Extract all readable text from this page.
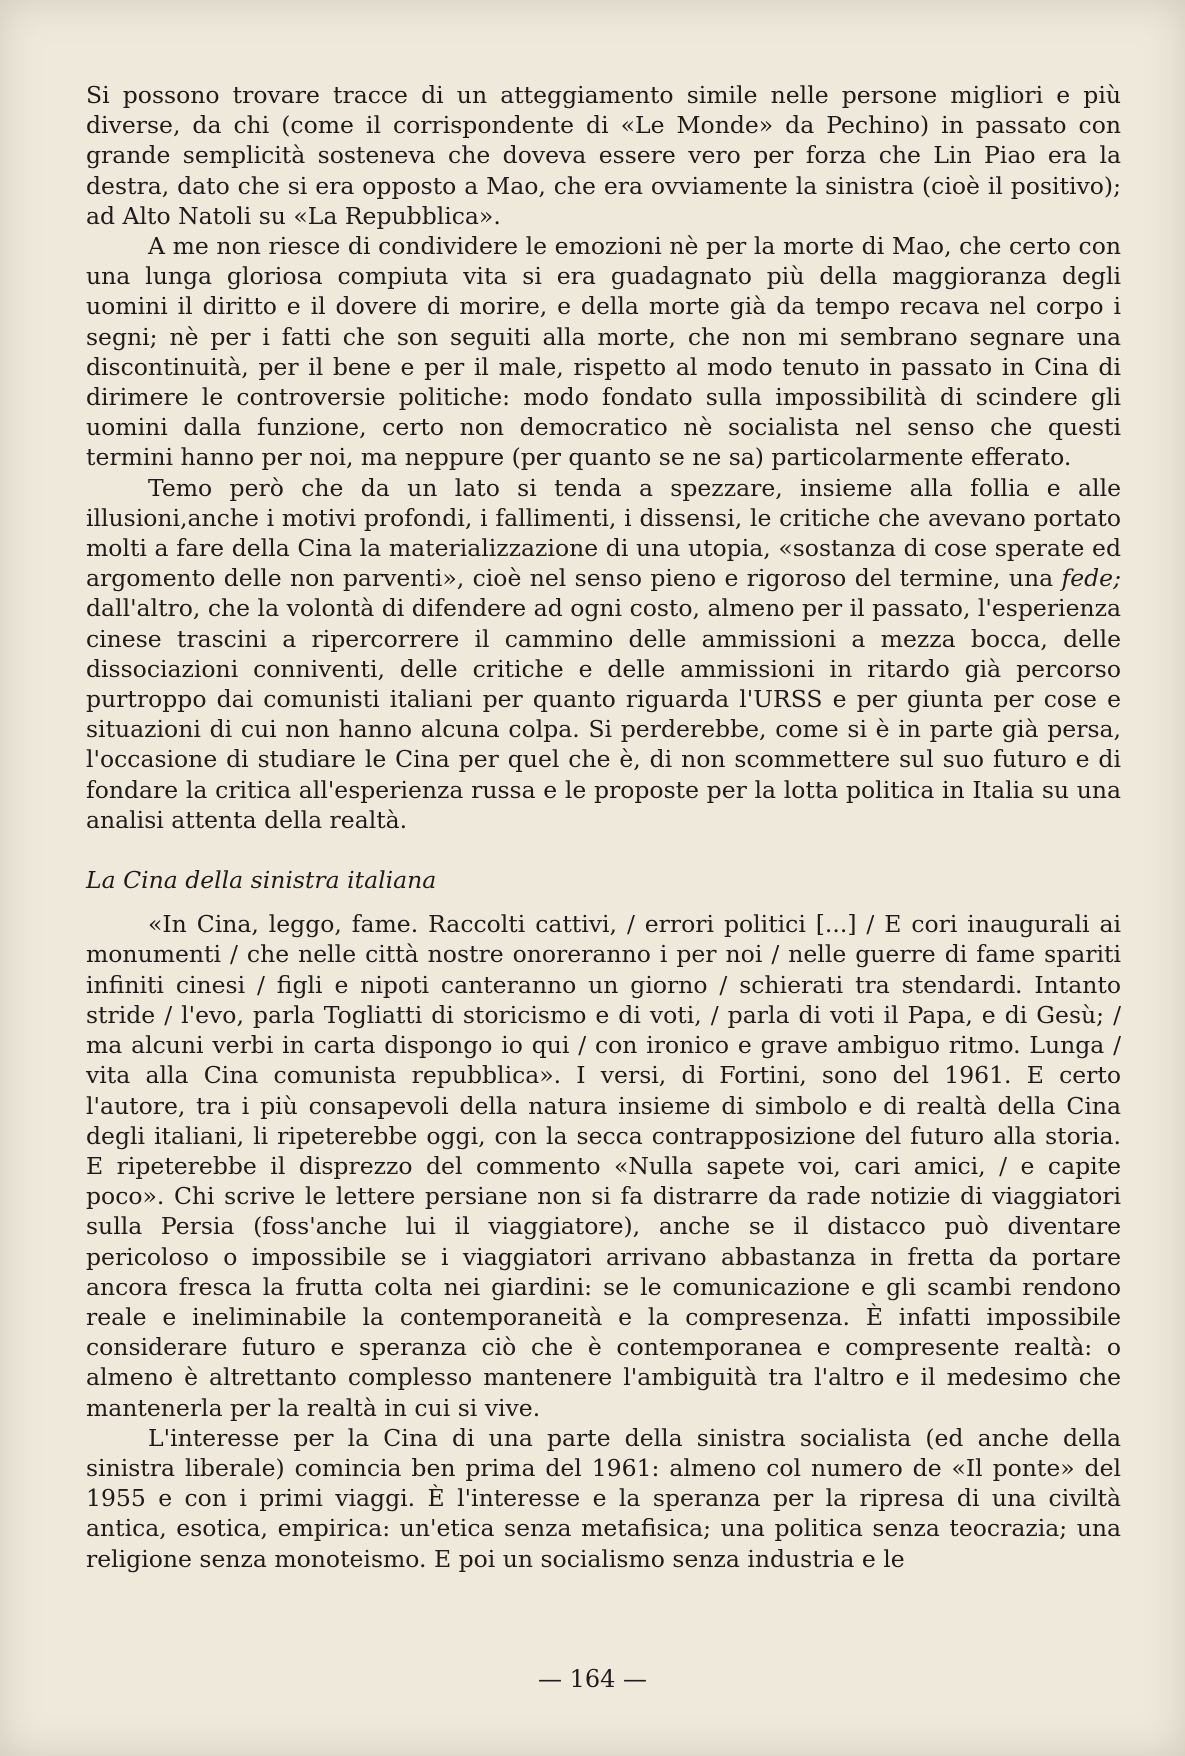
Si possono trovare tracce di un atteggiamento simile nelle persone migliori e più diverse, da chi (come il corrispondente di «Le Monde» da Pechino) in passato con grande semplicità sosteneva che doveva essere vero per forza che Lin Piao era la destra, dato che si era opposto a Mao, che era ovviamente la sinistra (cioè il positivo); ad Alto Natoli su «La Repubblica».

A me non riesce di condividere le emozioni nè per la morte di Mao, che certo con una lunga gloriosa compiuta vita si era guadagnato più della maggioranza degli uomini il diritto e il dovere di morire, e della morte già da tempo recava nel corpo i segni; nè per i fatti che son seguiti alla morte, che non mi sembrano segnare una discontinuità, per il bene e per il male, rispetto al modo tenuto in passato in Cina di dirimere le controversie politiche: modo fondato sulla impossibilità di scindere gli uomini dalla funzione, certo non democratico nè socialista nel senso che questi termini hanno per noi, ma neppure (per quanto se ne sa) particolarmente efferato.

Temo però che da un lato si tenda a spezzare, insieme alla follia e alle illusioni,anche i motivi profondi, i fallimenti, i dissensi, le critiche che avevano portato molti a fare della Cina la materializzazione di una utopia, «sostanza di cose sperate ed argomento delle non parventi», cioè nel senso pieno e rigoroso del termine, una fede; dall'altro, che la volontà di difendere ad ogni costo, almeno per il passato, l'esperienza cinese trascini a ripercorrere il cammino delle ammissioni a mezza bocca, delle dissociazioni conniventi, delle critiche e delle ammissioni in ritardo già percorso purtroppo dai comunisti italiani per quanto riguarda l'URSS e per giunta per cose e situazioni di cui non hanno alcuna colpa. Si perderebbe, come si è in parte già persa, l'occasione di studiare le Cina per quel che è, di non scommettere sul suo futuro e di fondare la critica all'esperienza russa e le proposte per la lotta politica in Italia su una analisi attenta della realtà.

La Cina della sinistra italiana

«In Cina, leggo, fame. Raccolti cattivi, / errori politici [...] / E cori inaugurali ai monumenti / che nelle città nostre onoreranno i per noi / nelle guerre di fame spariti infiniti cinesi / figli e nipoti canteranno un giorno / schierati tra stendardi. Intanto stride / l'evo, parla Togliatti di storicismo e di voti, / parla di voti il Papa, e di Gesù; / ma alcuni verbi in carta dispongo io qui / con ironico e grave ambiguo ritmo. Lunga / vita alla Cina comunista repubblica». I versi, di Fortini, sono del 1961. E certo l'autore, tra i più consapevoli della natura insieme di simbolo e di realtà della Cina degli italiani, li ripeterebbe oggi, con la secca contrapposizione del futuro alla storia. E ripeterebbe il disprezzo del commento «Nulla sapete voi, cari amici, / e capite poco». Chi scrive le lettere persiane non si fa distrarre da rade notizie di viaggiatori sulla Persia (foss'anche lui il viaggiatore), anche se il distacco può diventare pericoloso o impossibile se i viaggiatori arrivano abbastanza in fretta da portare ancora fresca la frutta colta nei giardini: se le comunicazione e gli scambi rendono reale e ineliminabile la contemporaneità e la compresenza. È infatti impossibile considerare futuro e speranza ciò che è contemporanea e compresente realtà: o almeno è altrettanto complesso mantenere l'ambiguità tra l'altro e il medesimo che mantenerla per la realtà in cui si vive.

L'interesse per la Cina di una parte della sinistra socialista (ed anche della sinistra liberale) comincia ben prima del 1961: almeno col numero de «Il ponte» del 1955 e con i primi viaggi. È l'interesse e la speranza per la ripresa di una civiltà antica, esotica, empirica: un'etica senza metafisica; una politica senza teocrazia; una religione senza monoteismo. E poi un socialismo senza industria e le

— 164 —
